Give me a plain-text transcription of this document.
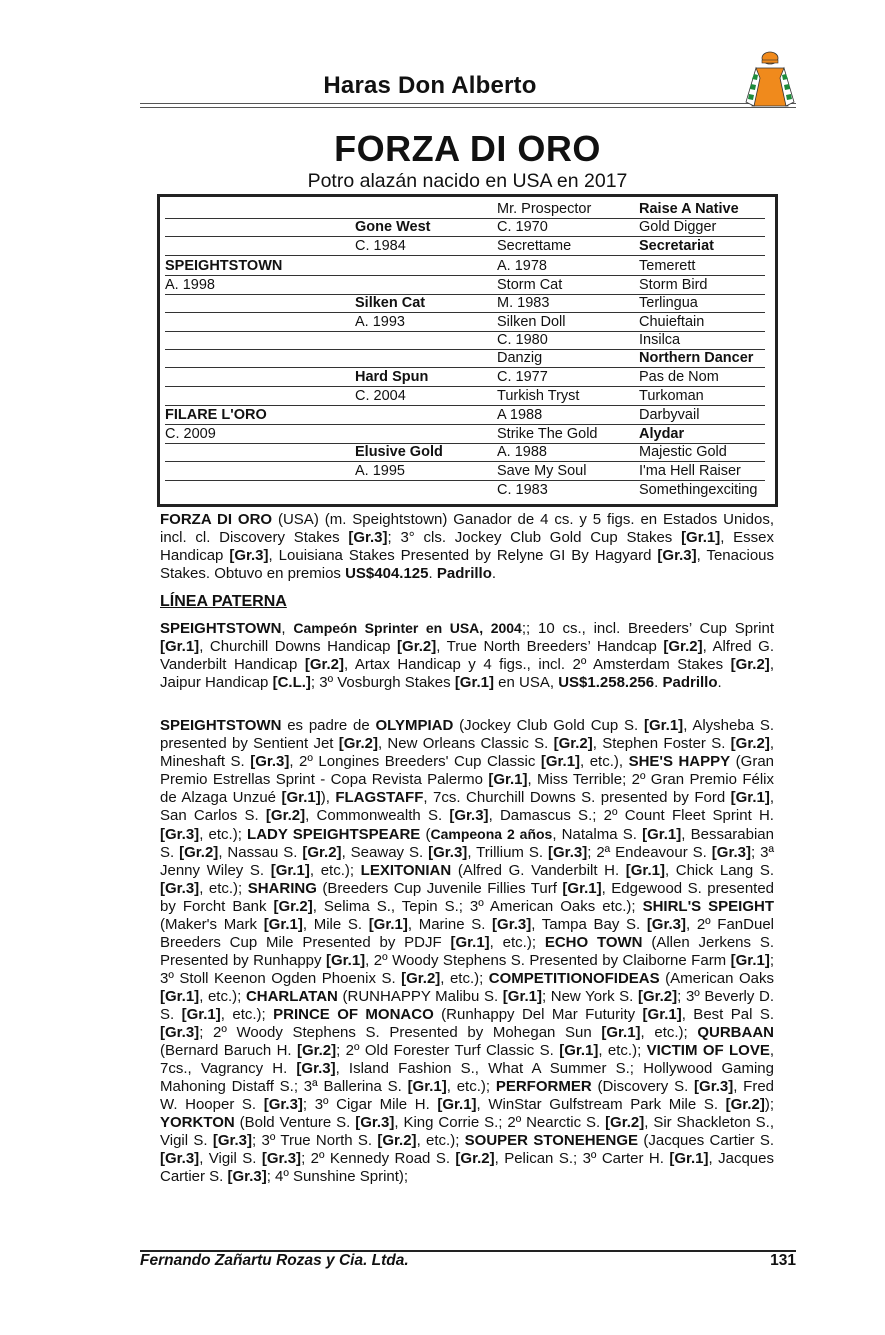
Haras Don Alberto
FORZA DI ORO
Potro alazán nacido en USA en 2017
SPEIGHTSTOWN
A. 1998
FILARE L'ORO
C. 2009
Gone West
C. 1984
Silken Cat
A. 1993
Hard Spun
C. 2004
Elusive Gold
A. 1995
Mr. Prospector
C. 1970
Secrettame
A. 1978
Storm Cat
M. 1983
Silken Doll
C. 1980
Danzig
C. 1977
Turkish Tryst
A 1988
Strike The Gold
A. 1988
Save My Soul
C. 1983
Raise A Native
Gold Digger
Secretariat
Temerett
Storm Bird
Terlingua
Chuieftain
Insilca
Northern Dancer
Pas de Nom
Turkoman
Darbyvail
Alydar
Majestic Gold
I'ma Hell Raiser
Somethingexciting
FORZA DI ORO (USA) (m. Speightstown) Ganador de 4 cs. y 5 figs. en Estados Unidos, incl. cl. Discovery Stakes [Gr.3]; 3° cls. Jockey Club Gold Cup Stakes [Gr.1], Essex Handicap [Gr.3], Louisiana Stakes Presented by Relyne GI By Hagyard [Gr.3], Tenacious Stakes. Obtuvo en premios US$404.125. Padrillo.
LÍNEA PATERNA
SPEIGHTSTOWN, Campeón Sprinter en USA, 2004;; 10 cs., incl. Breeders’ Cup Sprint [Gr.1], Churchill Downs Handicap [Gr.2], True North Breeders’ Handcap [Gr.2], Alfred G. Vanderbilt Handicap [Gr.2], Artax Handicap y 4 figs., incl. 2º Amsterdam Stakes [Gr.2], Jaipur Handicap [C.L.]; 3º Vosburgh Stakes [Gr.1] en USA, US$1.258.256. Padrillo.
SPEIGHTSTOWN es padre de OLYMPIAD (Jockey Club Gold Cup S. [Gr.1], Alysheba S. presented by Sentient Jet [Gr.2], New Orleans Classic S. [Gr.2], Stephen Foster S. [Gr.2], Mineshaft S. [Gr.3], 2º Longines Breeders' Cup Classic [Gr.1], etc.), SHE'S HAPPY (Gran Premio Estrellas Sprint - Copa Revista Palermo [Gr.1], Miss Terrible; 2º Gran Premio Félix de Alzaga Unzué [Gr.1]), FLAGSTAFF, 7cs. Churchill Downs S. presented by Ford [Gr.1], San Carlos S. [Gr.2], Commonwealth S. [Gr.3], Damascus S.; 2º Count Fleet Sprint H. [Gr.3], etc.); LADY SPEIGHTSPEARE (Campeona 2 años, Natalma S. [Gr.1], Bessarabian S. [Gr.2], Nassau S. [Gr.2], Seaway S. [Gr.3], Trillium S. [Gr.3]; 2ª Endeavour S. [Gr.3]; 3ª Jenny Wiley S. [Gr.1], etc.); LEXITONIAN (Alfred G. Vanderbilt H. [Gr.1], Chick Lang S. [Gr.3], etc.); SHARING (Breeders Cup Juvenile Fillies Turf [Gr.1], Edgewood S. presented by Forcht Bank [Gr.2], Selima S., Tepin S.; 3º American Oaks etc.); SHIRL'S SPEIGHT (Maker's Mark [Gr.1], Mile S. [Gr.1], Marine S. [Gr.3], Tampa Bay S. [Gr.3], 2º FanDuel Breeders Cup Mile Presented by PDJF [Gr.1], etc.); ECHO TOWN (Allen Jerkens S. Presented by Runhappy [Gr.1], 2º Woody Stephens S. Presented by Claiborne Farm [Gr.1]; 3º Stoll Keenon Ogden Phoenix S. [Gr.2], etc.); COMPETITIONOFIDEAS (American Oaks [Gr.1], etc.); CHARLATAN (RUNHAPPY Malibu S. [Gr.1]; New York S. [Gr.2]; 3º Beverly D. S. [Gr.1], etc.); PRINCE OF MONACO (Runhappy Del Mar Futurity [Gr.1], Best Pal S. [Gr.3]; 2º Woody Stephens S. Presented by Mohegan Sun [Gr.1], etc.); QURBAAN (Bernard Baruch H. [Gr.2]; 2º Old Forester Turf Classic S. [Gr.1], etc.); VICTIM OF LOVE, 7cs., Vagrancy H. [Gr.3], Island Fashion S., What A Summer S.; Hollywood Gaming Mahoning Distaff S.; 3ª Ballerina S. [Gr.1], etc.); PERFORMER (Discovery S. [Gr.3], Fred W. Hooper S. [Gr.3]; 3º Cigar Mile H. [Gr.1], WinStar Gulfstream Park Mile S. [Gr.2]); YORKTON (Bold Venture S. [Gr.3], King Corrie S.; 2º Nearctic S. [Gr.2], Sir Shackleton S., Vigil S. [Gr.3]; 3º True North S. [Gr.2], etc.); SOUPER STONEHENGE (Jacques Cartier S. [Gr.3], Vigil S. [Gr.3]; 2º Kennedy Road S. [Gr.2], Pelican S.; 3º Carter H. [Gr.1], Jacques Cartier S. [Gr.3]; 4º Sunshine Sprint);
Fernando Zañartu Rozas y Cia. Ltda.	131
